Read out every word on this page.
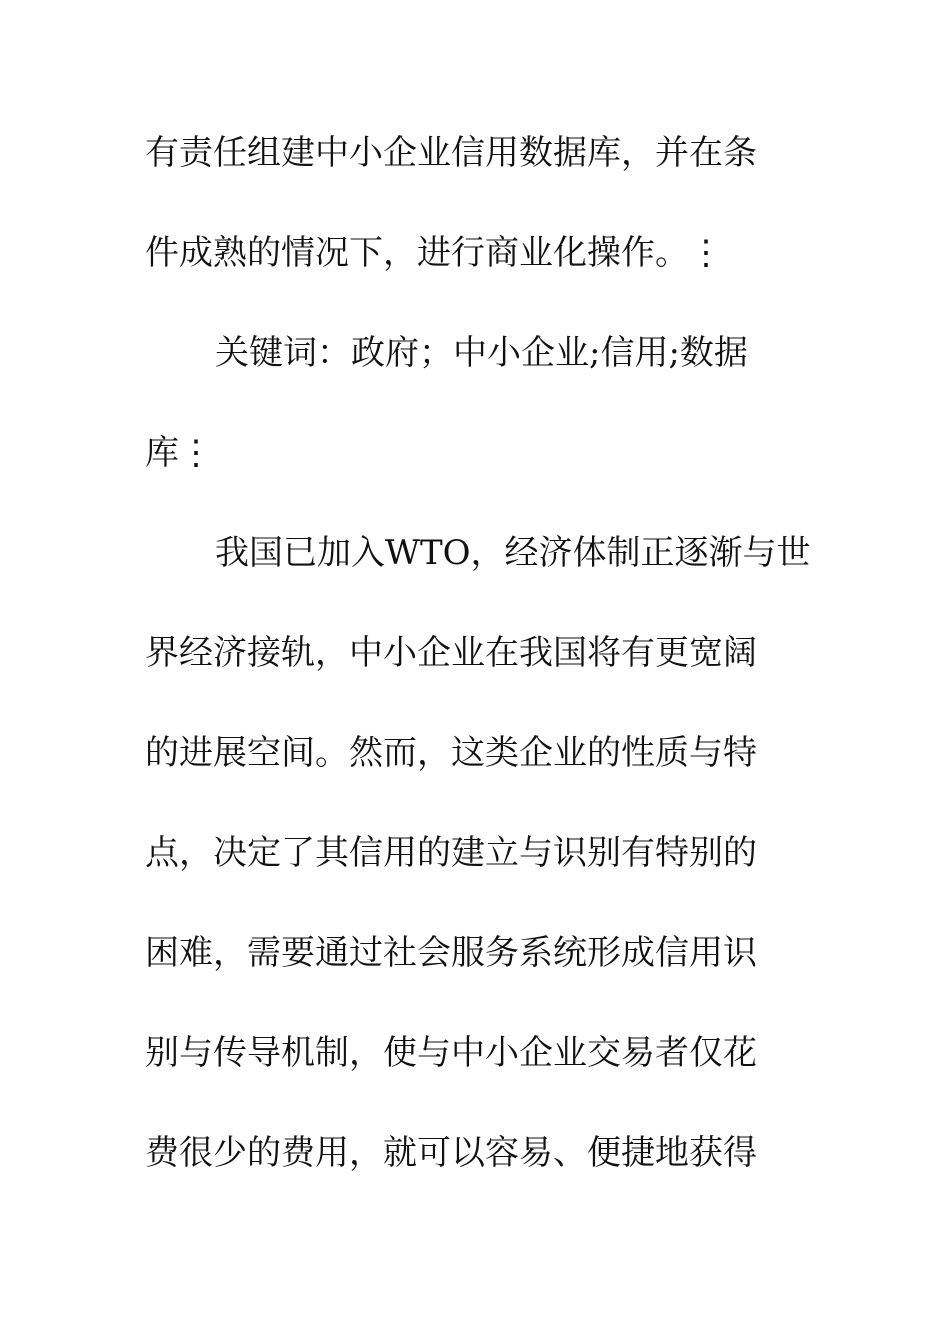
有责任组建中小企业信用数据库，并在条
件成熟的情况下，进行商业化操作。⋮
关键词：政府；中小企业;信用;数据
库⋮
我国已加入WTO，经济体制正逐渐与世
界经济接轨，中小企业在我国将有更宽阔
的进展空间。然而，这类企业的性质与特
点，决定了其信用的建立与识别有特别的
困难，需要通过社会服务系统形成信用识
别与传导机制，使与中小企业交易者仅花
费很少的费用，就可以容易、便捷地获得
